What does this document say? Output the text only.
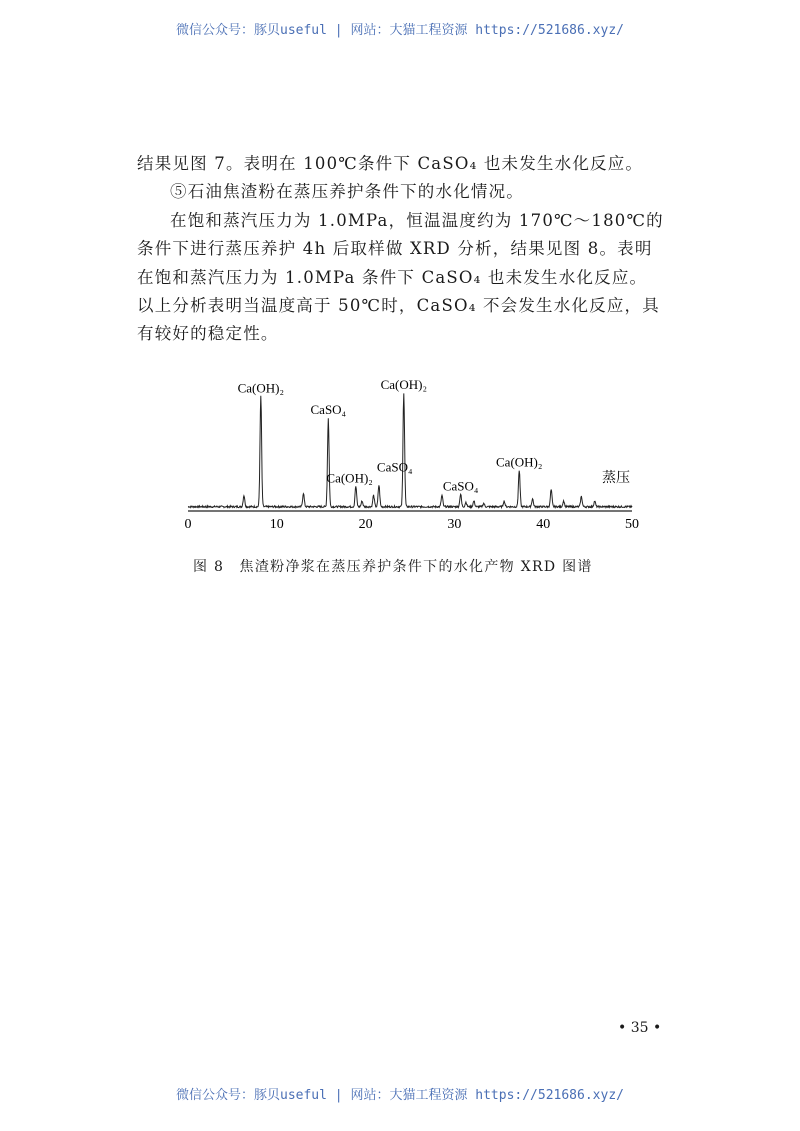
微信公众号：豚贝useful | 网站：大猫工程资源 https://521686.xyz/
结果见图 7。表明在 100℃条件下 CaSO₄ 也未发生水化反应。
⑤石油焦渣粉在蒸压养护条件下的水化情况。
在饱和蒸汽压力为 1.0MPa，恒温温度约为 170℃～180℃的
条件下进行蒸压养护 4h 后取样做 XRD 分析，结果见图 8。表明
在饱和蒸汽压力为 1.0MPa 条件下 CaSO₄ 也未发生水化反应。
以上分析表明当温度高于 50℃时，CaSO₄ 不会发生水化反应，具
有较好的稳定性。
0	10	20	30	40	50
Ca(OH)₂
CaSO₄
Ca(OH)₂
CaSO₄
Ca(OH)₂
CaSO₄
Ca(OH)₂
蒸压
图 8　焦渣粉净浆在蒸压养护条件下的水化产物 XRD 图谱
• 35 •
微信公众号：豚贝useful | 网站：大猫工程资源 https://521686.xyz/
